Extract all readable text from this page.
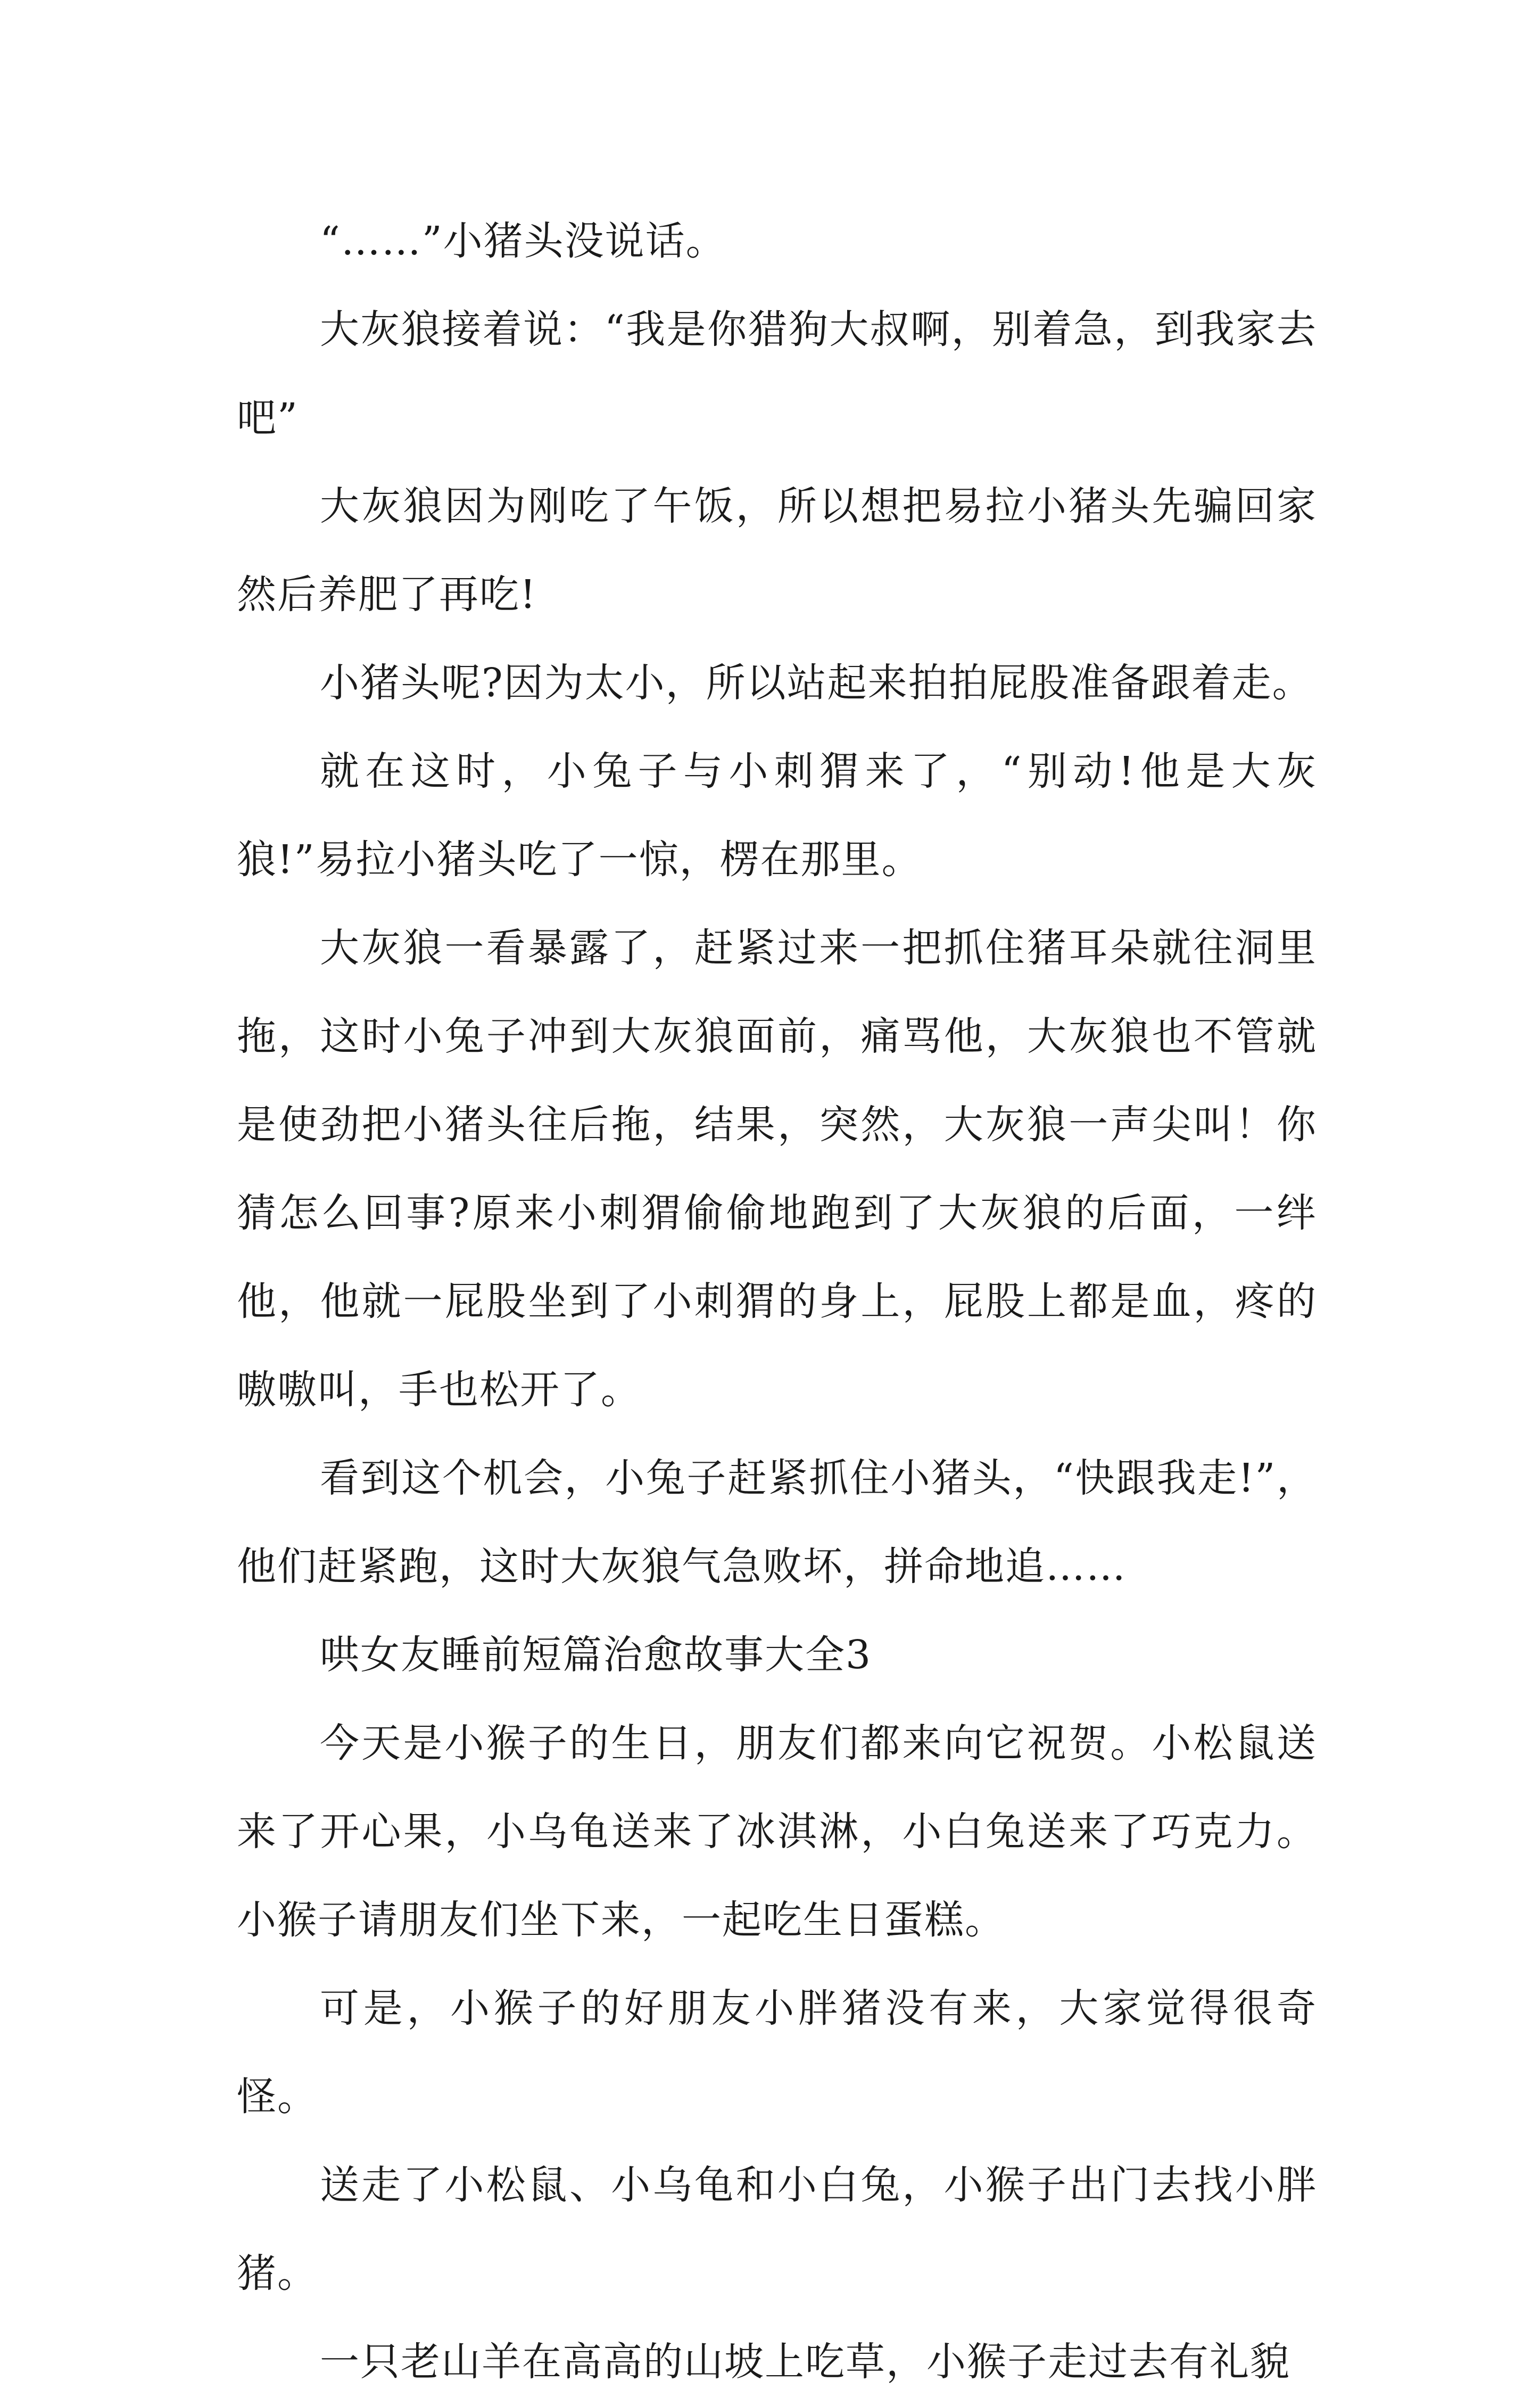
“……”小猪头没说话。

大灰狼接着说：“我是你猎狗大叔啊，别着急，到我家去吧”

大灰狼因为刚吃了午饭，所以想把易拉小猪头先骗回家然后养肥了再吃!

小猪头呢?因为太小，所以站起来拍拍屁股准备跟着走。

就在这时，小兔子与小刺猬来了，“别动!他是大灰狼!”易拉小猪头吃了一惊，楞在那里。

大灰狼一看暴露了，赶紧过来一把抓住猪耳朵就往洞里拖，这时小兔子冲到大灰狼面前，痛骂他，大灰狼也不管就是使劲把小猪头往后拖，结果，突然，大灰狼一声尖叫！你猜怎么回事?原来小刺猬偷偷地跑到了大灰狼的后面，一绊他，他就一屁股坐到了小刺猬的身上，屁股上都是血，疼的嗷嗷叫，手也松开了。

看到这个机会，小兔子赶紧抓住小猪头，“快跟我走!”，他们赶紧跑，这时大灰狼气急败坏，拼命地追……

哄女友睡前短篇治愈故事大全3

今天是小猴子的生日，朋友们都来向它祝贺。小松鼠送来了开心果，小乌龟送来了冰淇淋，小白兔送来了巧克力。小猴子请朋友们坐下来，一起吃生日蛋糕。

可是，小猴子的好朋友小胖猪没有来，大家觉得很奇怪。

送走了小松鼠、小乌龟和小白兔，小猴子出门去找小胖猪。

一只老山羊在高高的山坡上吃草，小猴子走过去有礼貌
